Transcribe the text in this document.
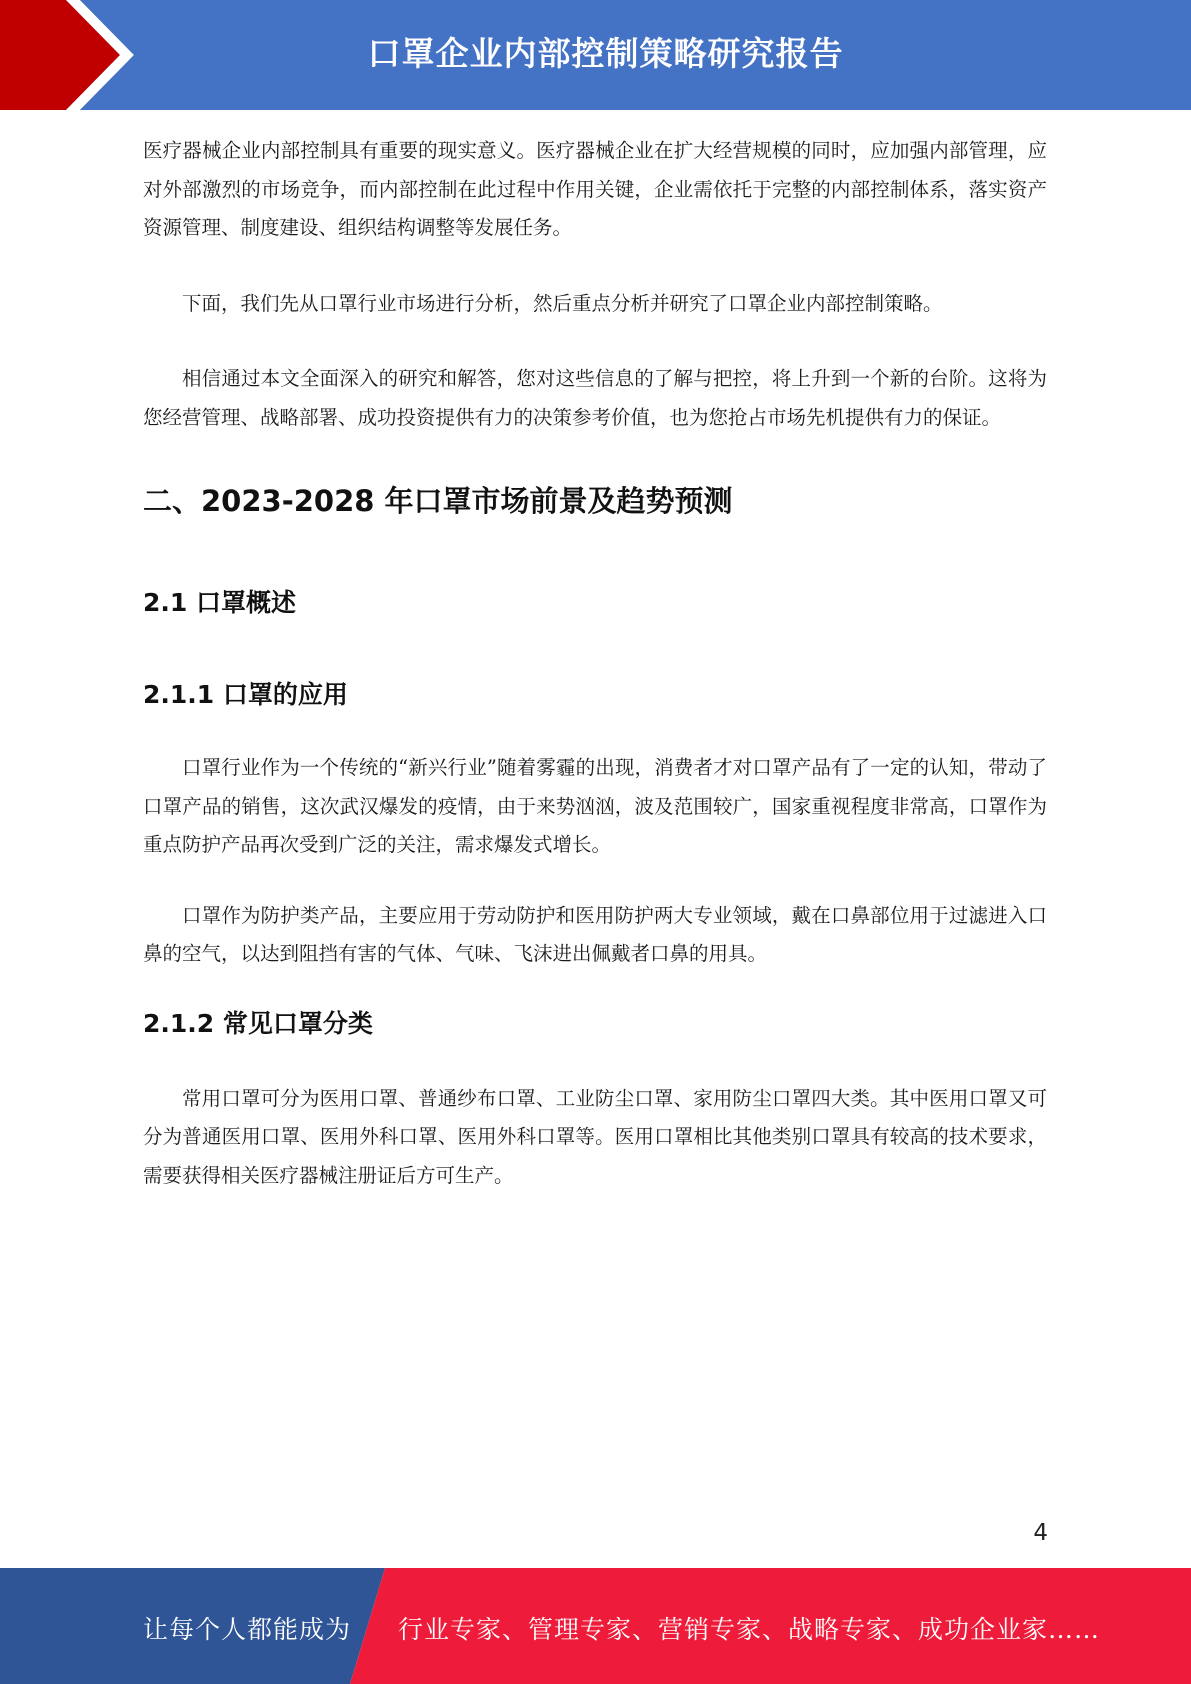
口罩企业内部控制策略研究报告

医疗器械企业内部控制具有重要的现实意义。医疗器械企业在扩大经营规模的同时，应加强内部管理，应对外部激烈的市场竞争，而内部控制在此过程中作用关键，企业需依托于完整的内部控制体系，落实资产资源管理、制度建设、组织结构调整等发展任务。

下面，我们先从口罩行业市场进行分析，然后重点分析并研究了口罩企业内部控制策略。

相信通过本文全面深入的研究和解答，您对这些信息的了解与把控，将上升到一个新的台阶。这将为您经营管理、战略部署、成功投资提供有力的决策参考价值，也为您抢占市场先机提供有力的保证。

二、2023-2028 年口罩市场前景及趋势预测
2.1 口罩概述
2.1.1 口罩的应用

口罩行业作为一个传统的“新兴行业”随着雾霾的出现，消费者才对口罩产品有了一定的认知，带动了口罩产品的销售，这次武汉爆发的疫情，由于来势汹汹，波及范围较广，国家重视程度非常高，口罩作为重点防护产品再次受到广泛的关注，需求爆发式增长。

口罩作为防护类产品，主要应用于劳动防护和医用防护两大专业领域，戴在口鼻部位用于过滤进入口鼻的空气，以达到阻挡有害的气体、气味、飞沫进出佩戴者口鼻的用具。

2.1.2 常见口罩分类

常用口罩可分为医用口罩、普通纱布口罩、工业防尘口罩、家用防尘口罩四大类。其中医用口罩又可分为普通医用口罩、医用外科口罩、医用外科口罩等。医用口罩相比其他类别口罩具有较高的技术要求，需要获得相关医疗器械注册证后方可生产。

4
让每个人都能成为 行业专家、管理专家、营销专家、战略专家、成功企业家……
